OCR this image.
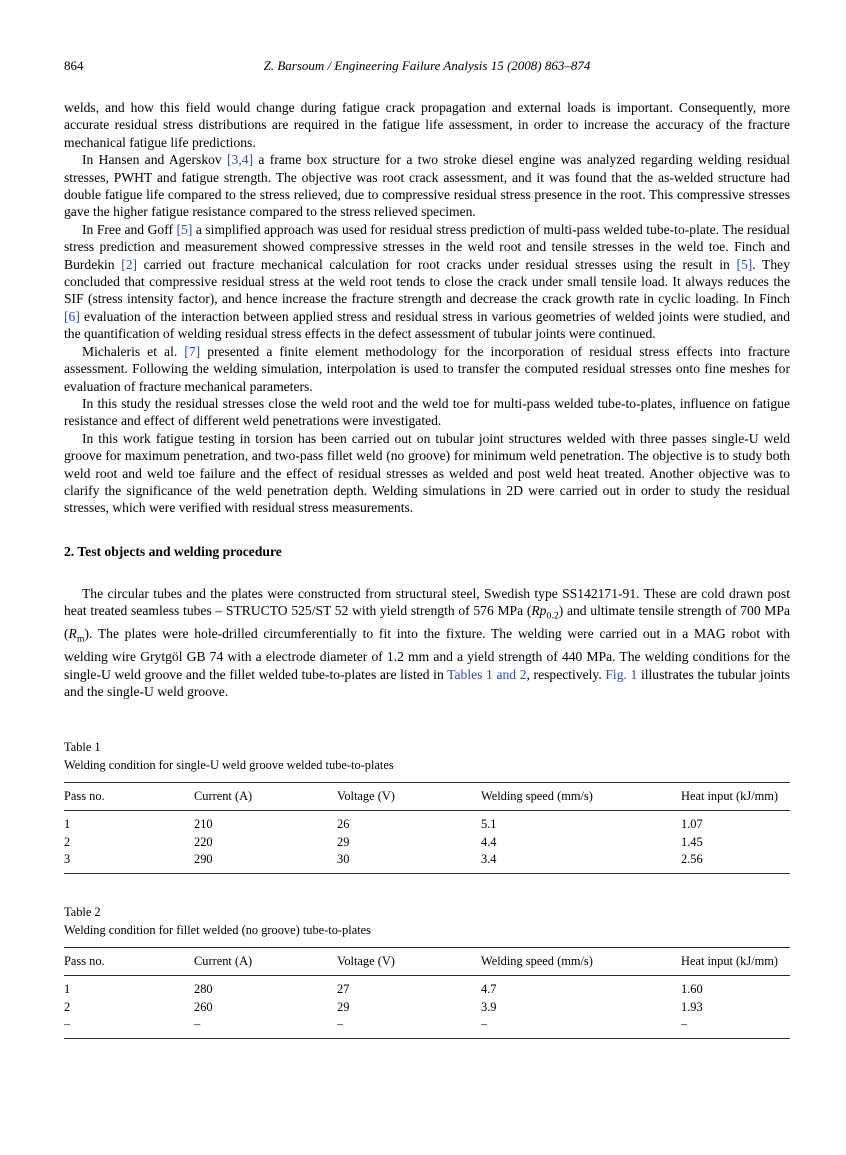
864	Z. Barsoum / Engineering Failure Analysis 15 (2008) 863–874

welds, and how this field would change during fatigue crack propagation and external loads is important. Consequently, more accurate residual stress distributions are required in the fatigue life assessment, in order to increase the accuracy of the fracture mechanical fatigue life predictions.

In Hansen and Agerskov [3,4] a frame box structure for a two stroke diesel engine was analyzed regarding welding residual stresses, PWHT and fatigue strength. The objective was root crack assessment, and it was found that the as-welded structure had double fatigue life compared to the stress relieved, due to compressive residual stress presence in the root. This compressive stresses gave the higher fatigue resistance compared to the stress relieved specimen.

In Free and Goff [5] a simplified approach was used for residual stress prediction of multi-pass welded tube-to-plate. The residual stress prediction and measurement showed compressive stresses in the weld root and tensile stresses in the weld toe. Finch and Burdekin [2] carried out fracture mechanical calculation for root cracks under residual stresses using the result in [5]. They concluded that compressive residual stress at the weld root tends to close the crack under small tensile load. It always reduces the SIF (stress intensity factor), and hence increase the fracture strength and decrease the crack growth rate in cyclic loading. In Finch [6] evaluation of the interaction between applied stress and residual stress in various geometries of welded joints were studied, and the quantification of welding residual stress effects in the defect assessment of tubular joints were continued.

Michaleris et al. [7] presented a finite element methodology for the incorporation of residual stress effects into fracture assessment. Following the welding simulation, interpolation is used to transfer the computed residual stresses onto fine meshes for evaluation of fracture mechanical parameters.

In this study the residual stresses close the weld root and the weld toe for multi-pass welded tube-to-plates, influence on fatigue resistance and effect of different weld penetrations were investigated.

In this work fatigue testing in torsion has been carried out on tubular joint structures welded with three passes single-U weld groove for maximum penetration, and two-pass fillet weld (no groove) for minimum weld penetration. The objective is to study both weld root and weld toe failure and the effect of residual stresses as welded and post weld heat treated. Another objective was to clarify the significance of the weld penetration depth. Welding simulations in 2D were carried out in order to study the residual stresses, which were verified with residual stress measurements.

2. Test objects and welding procedure

The circular tubes and the plates were constructed from structural steel, Swedish type SS142171-91. These are cold drawn post heat treated seamless tubes – STRUCTO 525/ST 52 with yield strength of 576 MPa $(Rp_{0.2})$ and ultimate tensile strength of 700 MPa $(R_m)$. The plates were hole-drilled circumferentially to fit into the fixture. The welding were carried out in a MAG robot with welding wire Grytgöl GB 74 with a electrode diameter of 1.2 mm and a yield strength of 440 MPa. The welding conditions for the single-U weld groove and the fillet welded tube-to-plates are listed in Tables 1 and 2, respectively. Fig. 1 illustrates the tubular joints and the single-U weld groove.

Table 1
Welding condition for single-U weld groove welded tube-to-plates
Pass no.	Current (A)	Voltage (V)	Welding speed (mm/s)	Heat input (kJ/mm)
1	210	26	5.1	1.07
2	220	29	4.4	1.45
3	290	30	3.4	2.56
Table 2
Welding condition for fillet welded (no groove) tube-to-plates
Pass no.	Current (A)	Voltage (V)	Welding speed (mm/s)	Heat input (kJ/mm)
1	280	27	4.7	1.60
2	260	29	3.9	1.93
–	–	–	–	–
